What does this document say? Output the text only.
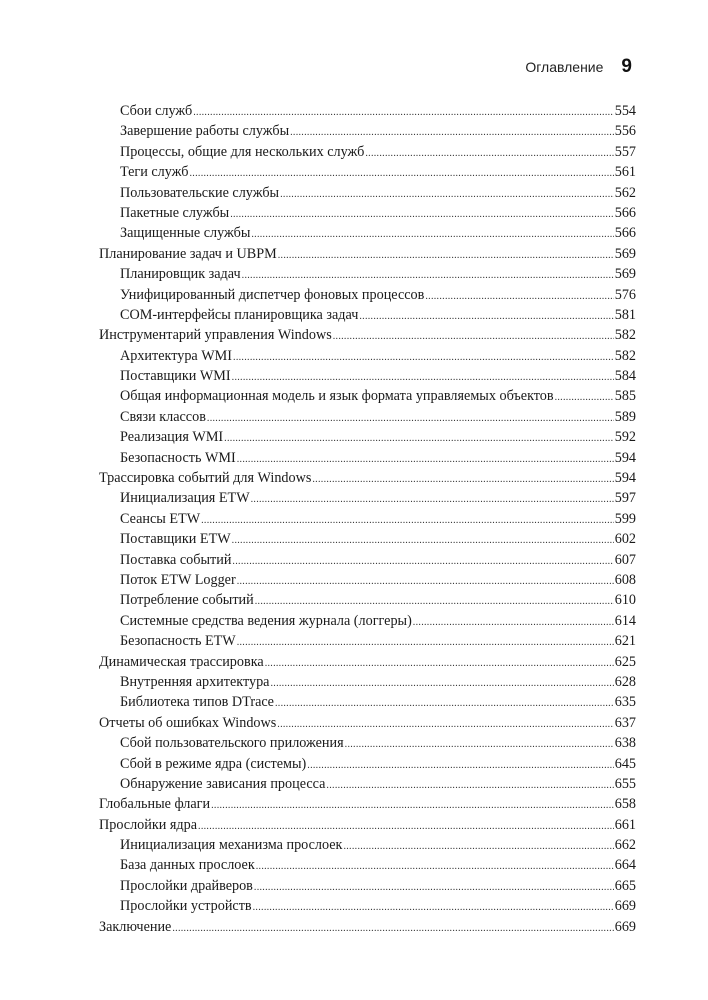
Оглавление 9
Сбои служб .....	554
Завершение работы службы .....	556
Процессы, общие для нескольких служб .....	557
Теги служб .....	561
Пользовательские службы .....	562
Пакетные службы .....	566
Защищенные службы .....	566
Планирование задач и UBPM .....	569
Планировщик задач .....	569
Унифицированный диспетчер фоновых процессов .....	576
COM-интерфейсы планировщика задач .....	581
Инструментарий управления Windows .....	582
Архитектура WMI .....	582
Поставщики WMI .....	584
Общая информационная модель и язык формата управляемых объектов .....	585
Связи классов .....	589
Реализация WMI .....	592
Безопасность WMI .....	594
Трассировка событий для Windows .....	594
Инициализация ETW .....	597
Сеансы ETW .....	599
Поставщики ETW .....	602
Поставка событий .....	607
Поток ETW Logger .....	608
Потребление событий .....	610
Системные средства ведения журнала (логгеры) .....	614
Безопасность ETW .....	621
Динамическая трассировка .....	625
Внутренняя архитектура .....	628
Библиотека типов DTrace .....	635
Отчеты об ошибках Windows .....	637
Сбой пользовательского приложения .....	638
Сбой в режиме ядра (системы) .....	645
Обнаружение зависания процесса .....	655
Глобальные флаги .....	658
Прослойки ядра .....	661
Инициализация механизма прослоек .....	662
База данных прослоек .....	664
Прослойки драйверов .....	665
Прослойки устройств .....	669
Заключение .....	669
